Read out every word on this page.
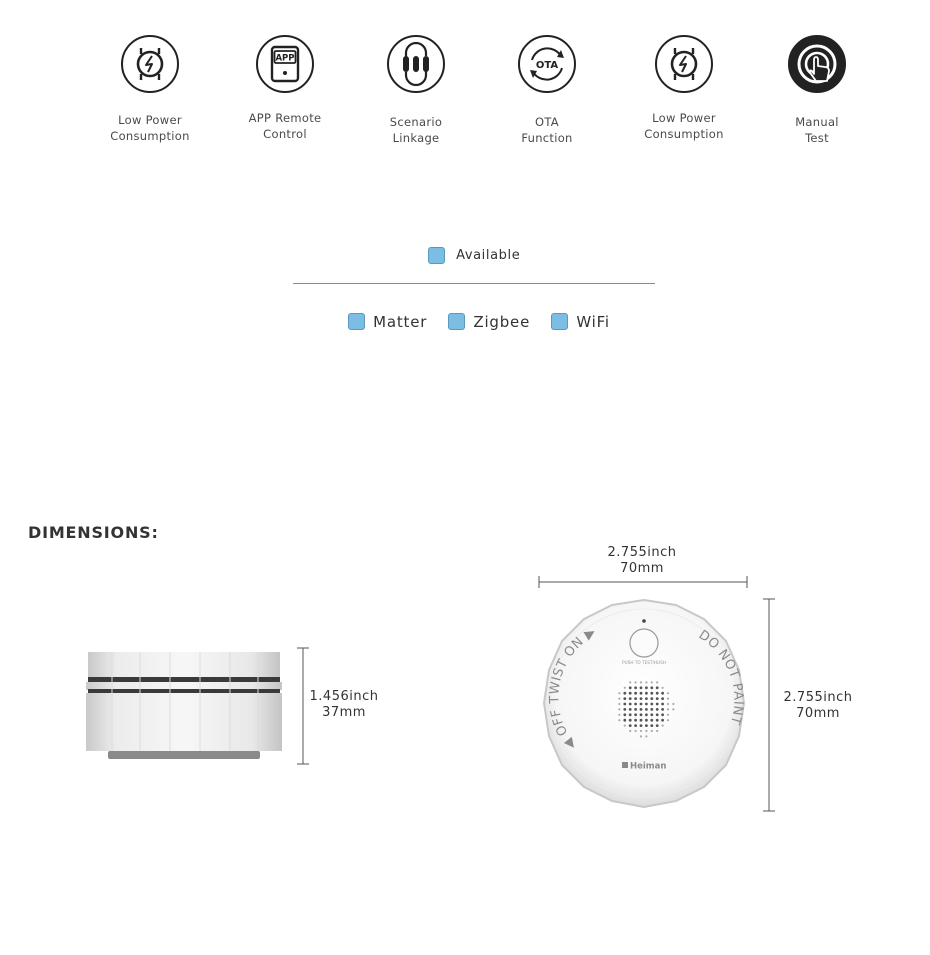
Low Power
Consumption
APP
APP Remote
Control
Scenario
Linkage
OTA
OTA
Function
Low Power
Consumption
Manual
Test
Available
Matter	Zigbee	WiFi
DIMENSIONS:
1.456inch
37mm
2.755inch
70mm
PUSH TO TEST/HUSH
◀ OFF TWIST ON ▶	DO NOT PAINT
Heiman
2.755inch
70mm
